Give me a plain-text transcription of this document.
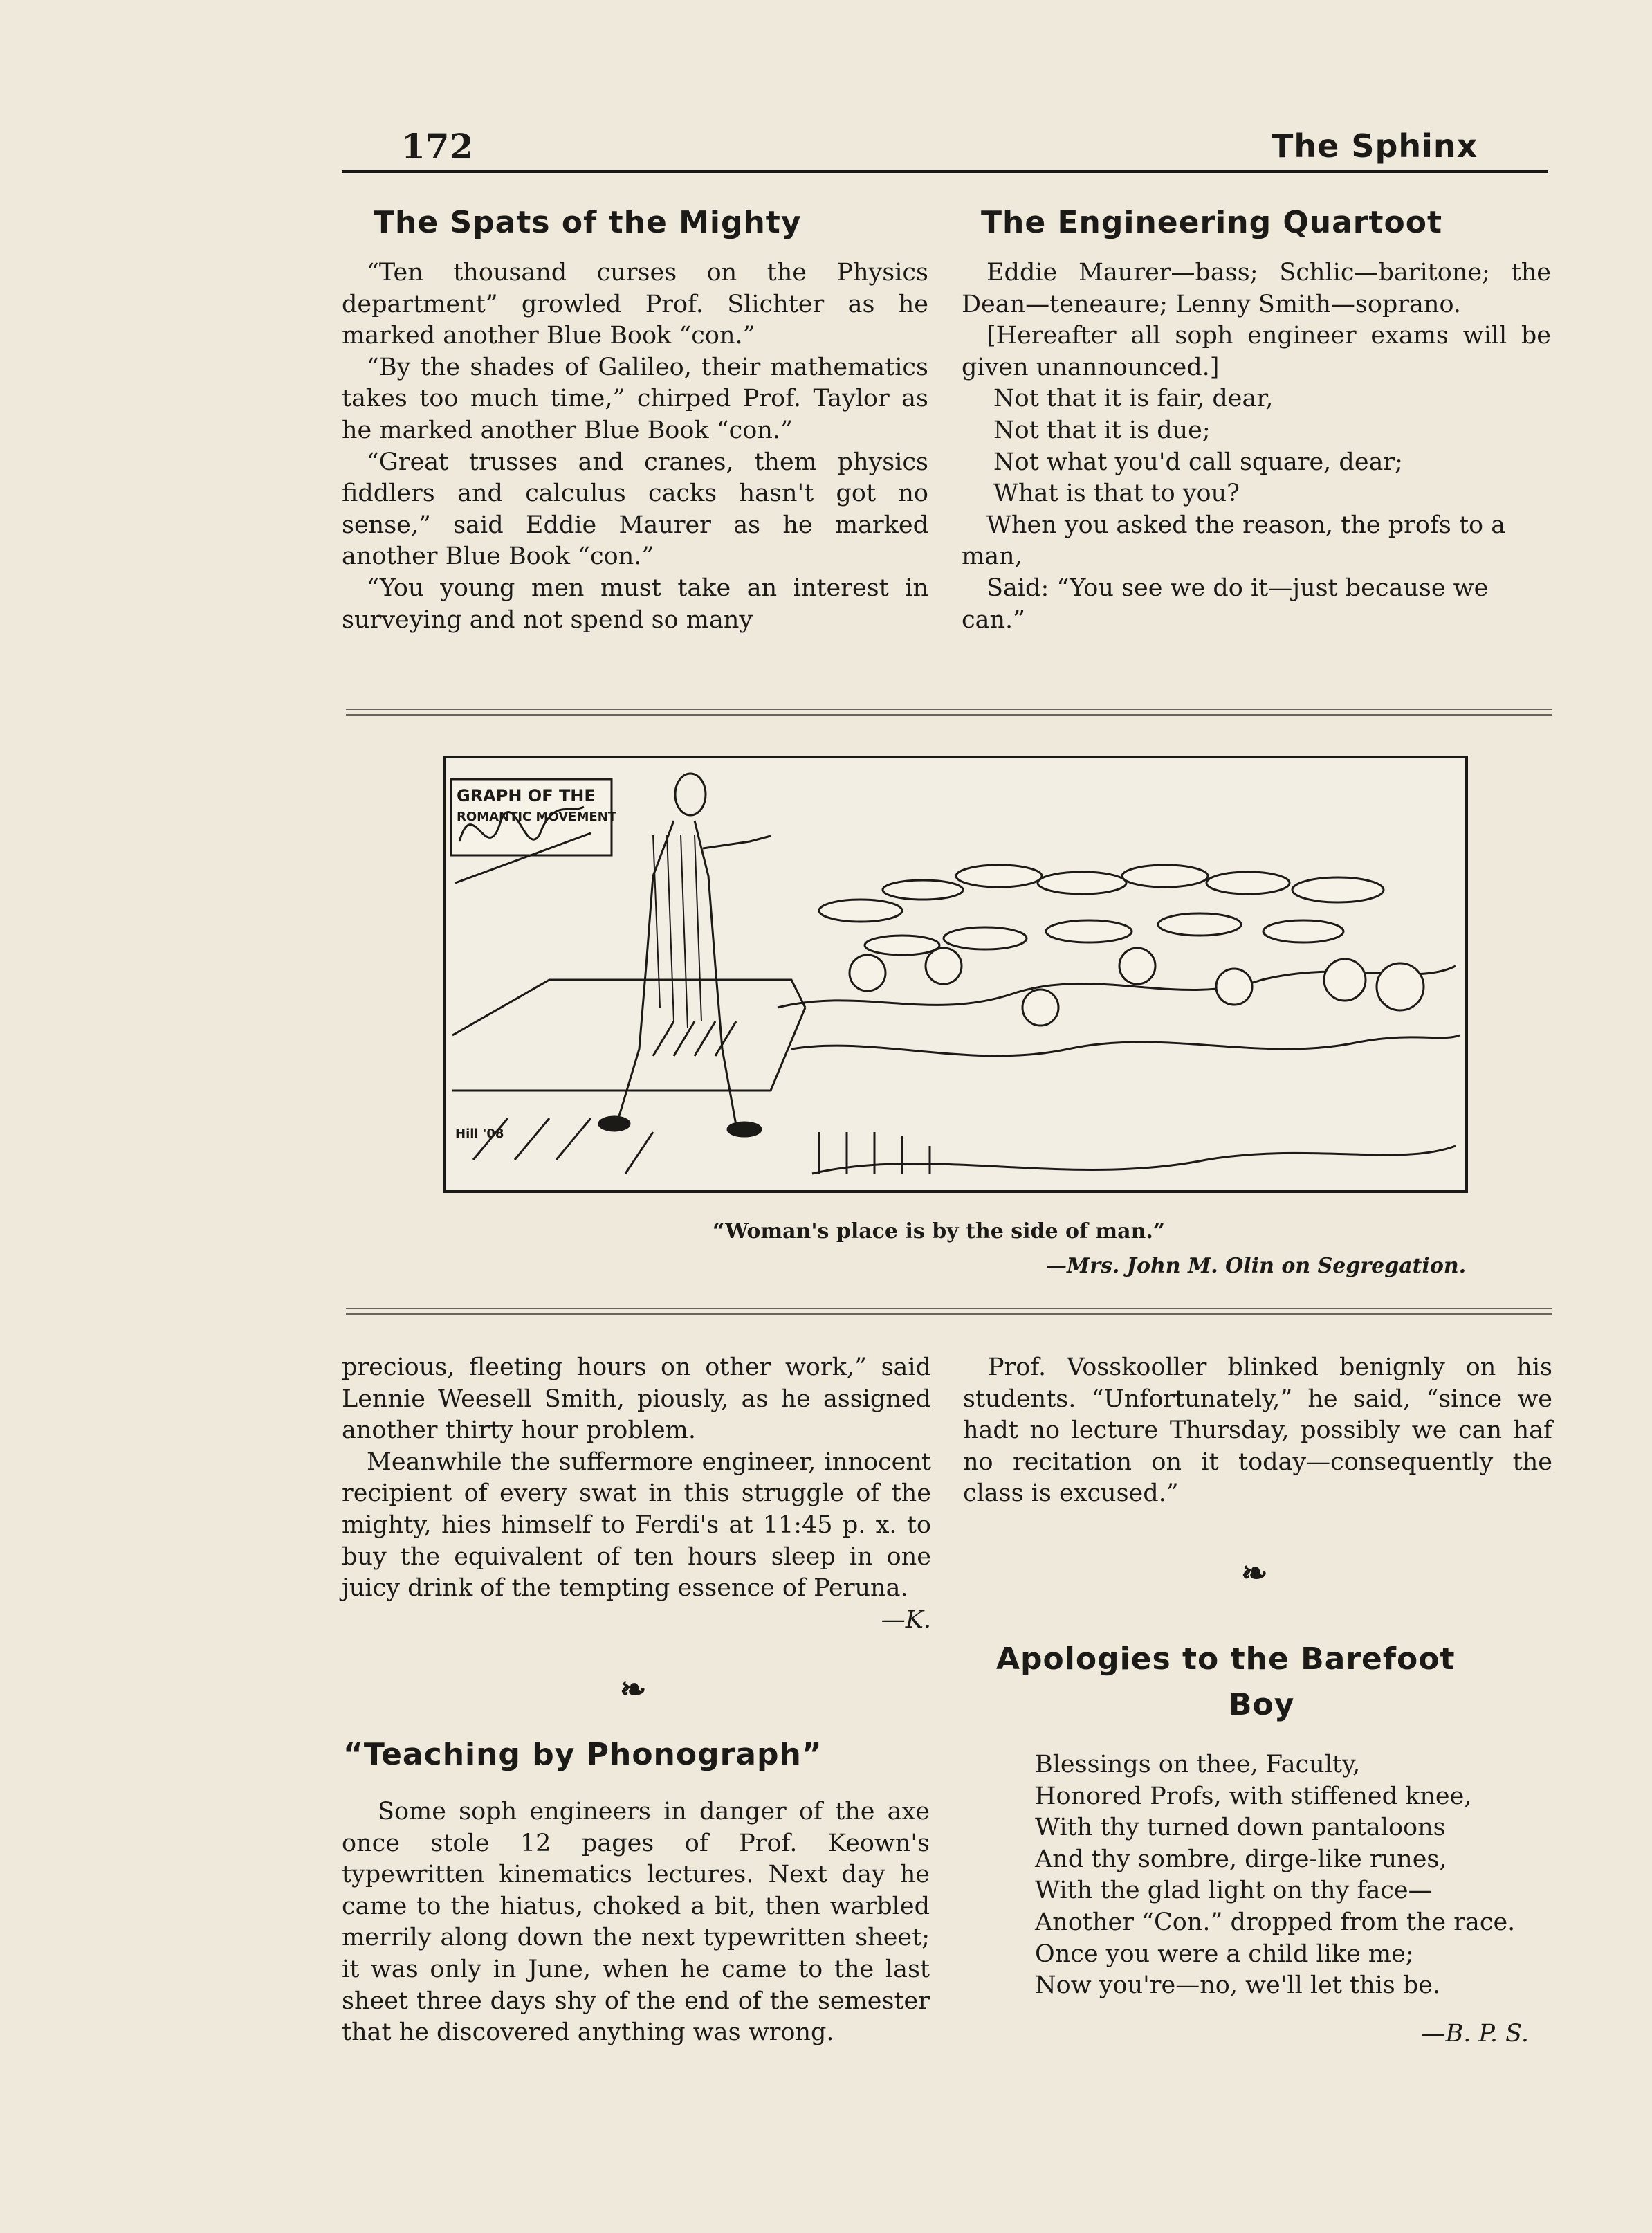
172	The Sphinx
The Spats of the Mighty

“Ten thousand curses on the Physics department” growled Prof. Slichter as he marked another Blue Book “con.”

“By the shades of Galileo, their mathematics takes too much time,” chirped Prof. Taylor as he marked another Blue Book “con.”

“Great trusses and cranes, them physics fiddlers and calculus cacks hasn't got no sense,” said Eddie Maurer as he marked another Blue Book “con.”

“You young men must take an interest in surveying and not spend so many

The Engineering Quartoot

Eddie Maurer—bass; Schlic—baritone; the Dean—teneaure; Lenny Smith—soprano.

[Hereafter all soph engineer exams will be given unannounced.]

Not that it is fair, dear,

Not that it is due;

Not what you'd call square, dear;

What is that to you?

When you asked the reason, the profs to a man,

Said: “You see we do it—just because we can.”

GRAPH OF THE
ROMANTIC MOVEMENT
Hill '08
“Woman's place is by the side of man.”
—Mrs. John M. Olin on Segregation.

precious, fleeting hours on other work,” said Lennie Weesell Smith, piously, as he assigned another thirty hour problem.

Meanwhile the suffermore engineer, innocent recipient of every swat in this struggle of the mighty, hies himself to Ferdi's at 11:45 p. x. to buy the equivalent of ten hours sleep in one juicy drink of the tempting essence of Peruna.

—K.

❧
“Teaching by Phonograph”

Some soph engineers in danger of the axe once stole 12 pages of Prof. Keown's typewritten kinematics lectures. Next day he came to the hiatus, choked a bit, then warbled merrily along down the next typewritten sheet; it was only in June, when he came to the last sheet three days shy of the end of the semester that he discovered anything was wrong.

Prof. Vosskooller blinked benignly on his students. “Unfortunately,” he said, “since we hadt no lecture Thursday, possibly we can haf no recitation on it today—consequently the class is excused.”

❧
Apologies to the Barefoot
Boy

Blessings on thee, Faculty,

Honored Profs, with stiffened knee,

With thy turned down pantaloons

And thy sombre, dirge-like runes,

With the glad light on thy face—

Another “Con.” dropped from the race.

Once you were a child like me;

Now you're—no, we'll let this be.

—B. P. S.
